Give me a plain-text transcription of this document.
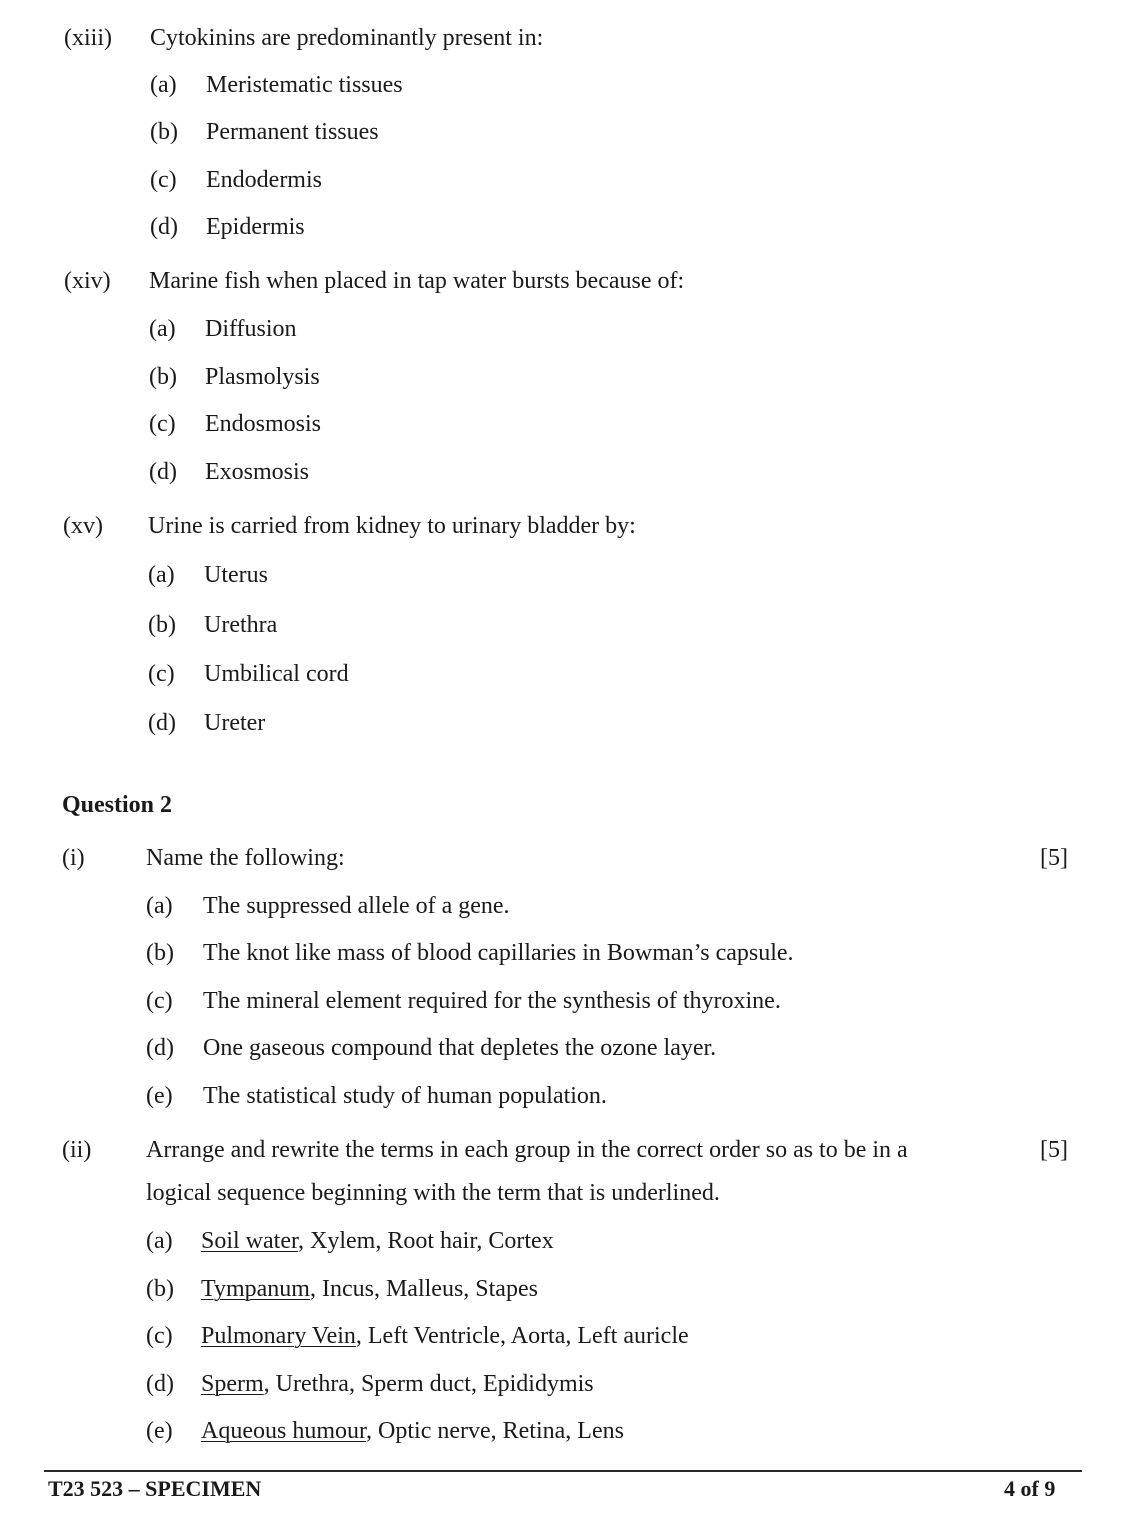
(xiii) Cytokinins are predominantly present in:
(a) Meristematic tissues
(b) Permanent tissues
(c) Endodermis
(d) Epidermis
(xiv) Marine fish when placed in tap water bursts because of:
(a) Diffusion
(b) Plasmolysis
(c) Endosmosis
(d) Exosmosis
(xv) Urine is carried from kidney to urinary bladder by:
(a) Uterus
(b) Urethra
(c) Umbilical cord
(d) Ureter
Question 2
(i)	Name the following:	[5]
(a) The suppressed allele of a gene.
(b) The knot like mass of blood capillaries in Bowman’s capsule.
(c) The mineral element required for the synthesis of thyroxine.
(d) One gaseous compound that depletes the ozone layer.
(e) The statistical study of human population.
(ii) Arrange and rewrite the terms in each group in the correct order so as to be in a	[5]
logical sequence beginning with the term that is underlined.
(a) Soil water, Xylem, Root hair, Cortex
(b) Tympanum, Incus, Malleus, Stapes
(c) Pulmonary Vein, Left Ventricle, Aorta, Left auricle
(d) Sperm, Urethra, Sperm duct, Epididymis
(e) Aqueous humour, Optic nerve, Retina, Lens
T23 523 – SPECIMEN	4 of 9
